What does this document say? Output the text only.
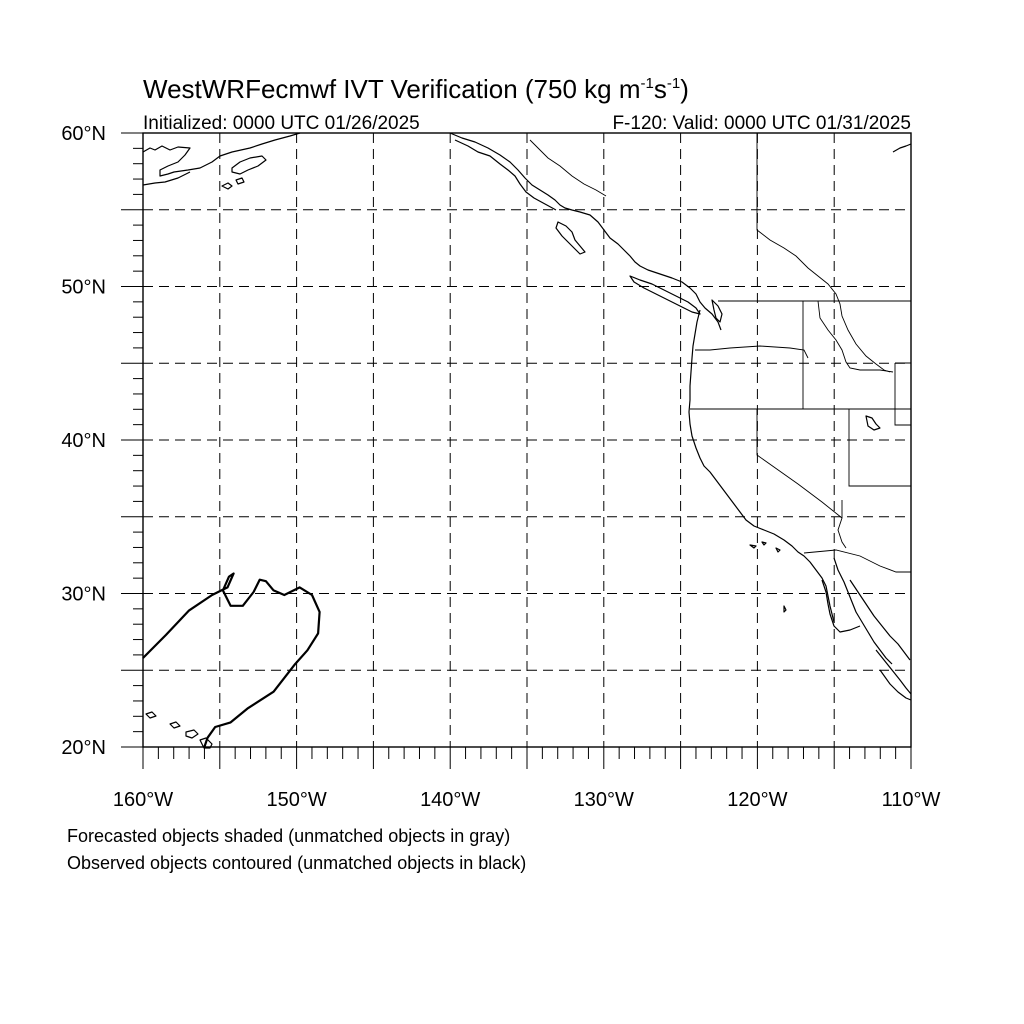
WestWRFecmwf IVT Verification (750 kg $m^{-1}s^{-1}$)
Initialized: 0000 UTC 01/26/2025	F-120: Valid: 0000 UTC 01/31/2025
60°N
50°N
40°N
30°N
20°N
160°W	150°W	140°W	130°W	120°W	110°W
Forecasted objects shaded (unmatched objects in gray)
Observed objects contoured (unmatched objects in black)
